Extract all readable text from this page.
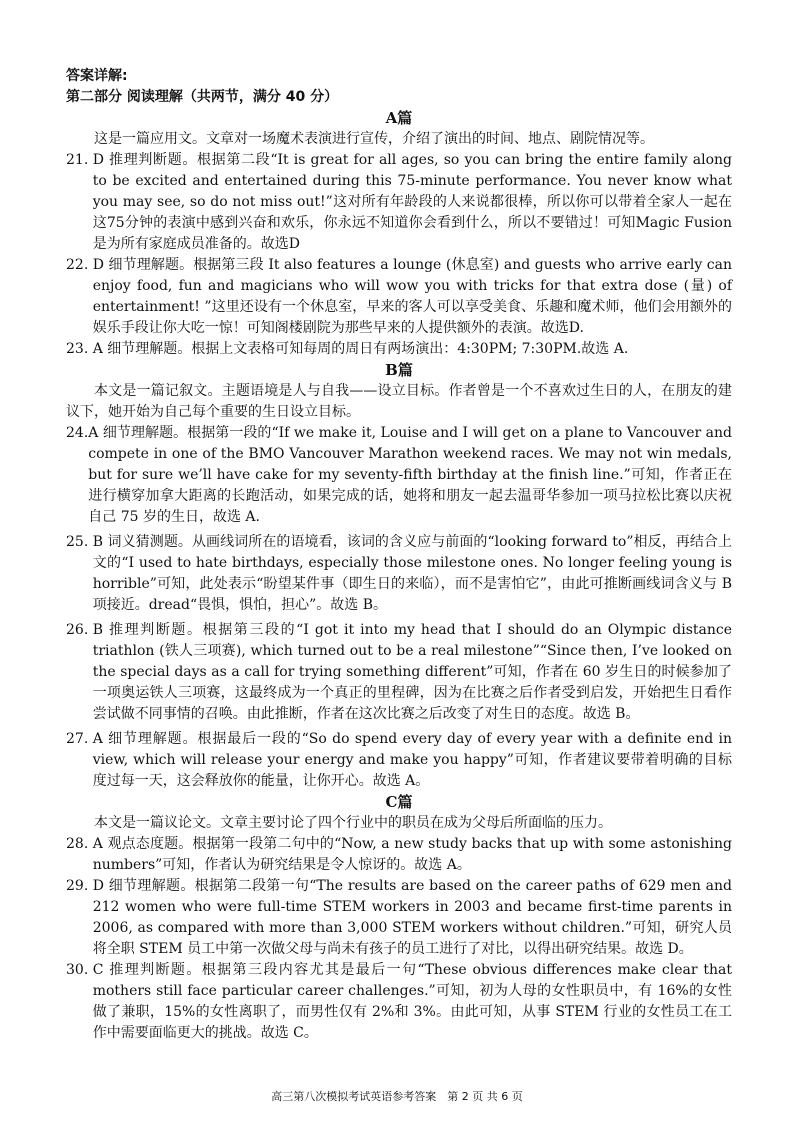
答案详解:

第二部分 阅读理解（共两节，满分 40 分）

A篇

这是一篇应用文。文章对一场魔术表演进行宣传，介绍了演出的时间、地点、剧院情况等。

21. D 推理判断题。根据第二段“It is great for all ages, so you can bring the entire family along to be excited and entertained during this 75-minute performance. You never know what you may see, so do not miss out!”这对所有年龄段的人来说都很棒，所以你可以带着全家人一起在这75分钟的表演中感到兴奋和欢乐，你永远不知道你会看到什么，所以不要错过！可知Magic Fusion是为所有家庭成员准备的。故选D
22. D 细节理解题。根据第三段 It also features a lounge (休息室) and guests who arrive early can enjoy food, fun and magicians who will wow you with tricks for that extra dose (量) of entertainment! ”这里还设有一个休息室，早来的客人可以享受美食、乐趣和魔术师，他们会用额外的娱乐手段让你大吃一惊！可知阁楼剧院为那些早来的人提供额外的表演。故选D.
23. A 细节理解题。根据上文表格可知每周的周日有两场演出：4:30PM; 7:30PM.故选 A.

B篇

本文是一篇记叙文。主题语境是人与自我——设立目标。作者曾是一个不喜欢过生日的人，在朋友的建议下，她开始为自己每个重要的生日设立目标。

24. A 细节理解题。根据第一段的“If we make it, Louise and I will get on a plane to Vancouver and compete in one of the BMO Vancouver Marathon weekend races. We may not win medals, but for sure we’ll have cake for my seventy-fifth birthday at the finish line.”可知，作者正在进行横穿加拿大距离的长跑活动，如果完成的话，她将和朋友一起去温哥华参加一项马拉松比赛以庆祝自己 75 岁的生日，故选 A.
25. B 词义猜测题。从画线词所在的语境看，该词的含义应与前面的“looking forward to”相反，再结合上文的“I used to hate birthdays, especially those milestone ones. No longer feeling young is horrible”可知，此处表示“盼望某件事（即生日的来临），而不是害怕它”，由此可推断画线词含义与 B 项接近。dread“畏惧，惧怕，担心”。故选 B。
26. B 推理判断题。根据第三段的“I got it into my head that I should do an Olympic distance triathlon (铁人三项赛), which turned out to be a real milestone”“Since then, I’ve looked on the special days as a call for trying something different”可知，作者在 60 岁生日的时候参加了一项奥运铁人三项赛，这最终成为一个真正的里程碑，因为在比赛之后作者受到启发，开始把生日看作尝试做不同事情的召唤。由此推断，作者在这次比赛之后改变了对生日的态度。故选 B。
27. A 细节理解题。根据最后一段的“So do spend every day of every year with a definite end in view, which will release your energy and make you happy”可知，作者建议要带着明确的目标度过每一天，这会释放你的能量，让你开心。故选 A。

C篇

本文是一篇议论文。文章主要讨论了四个行业中的职员在成为父母后所面临的压力。

28. A 观点态度题。根据第一段第二句中的“Now, a new study backs that up with some astonishing numbers”可知，作者认为研究结果是令人惊讶的。故选 A。
29. D 细节理解题。根据第二段第一句“The results are based on the career paths of 629 men and 212 women who were full-time STEM workers in 2003 and became first-time parents in 2006, as compared with more than 3,000 STEM workers without children.”可知，研究人员将全职 STEM 员工中第一次做父母与尚未有孩子的员工进行了对比，以得出研究结果。故选 D。
30. C 推理判断题。根据第三段内容尤其是最后一句“These obvious differences make clear that mothers still face particular career challenges.”可知，初为人母的女性职员中，有 16%的女性做了兼职，15%的女性离职了，而男性仅有 2%和 3%。由此可知，从事 STEM 行业的女性员工在工作中需要面临更大的挑战。故选 C。
高三第八次模拟考试英语参考答案　第 2 页 共 6 页
